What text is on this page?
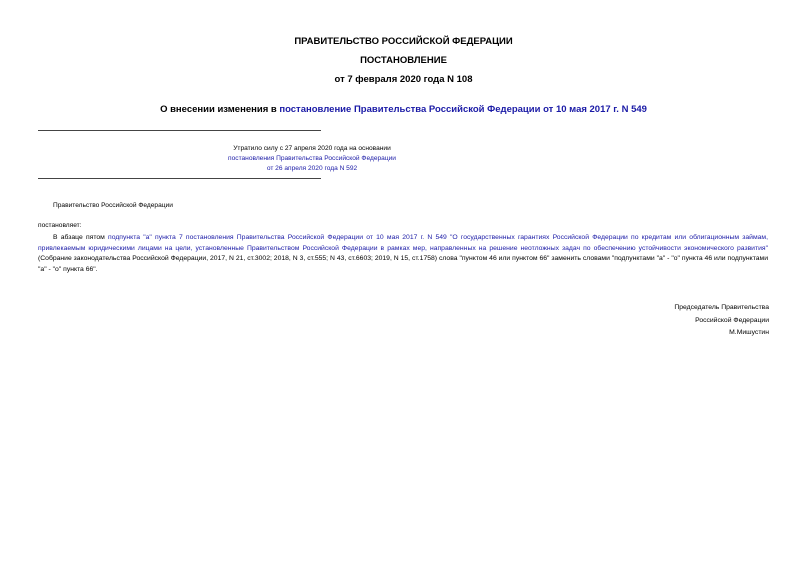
ПРАВИТЕЛЬСТВО РОССИЙСКОЙ ФЕДЕРАЦИИ
ПОСТАНОВЛЕНИЕ
от 7 февраля 2020 года N 108
О внесении изменения в постановление Правительства Российской Федерации от 10 мая 2017 г. N 549
Утратило силу с 27 апреля 2020 года на основании
постановления Правительства Российской Федерации
от 26 апреля 2020 года N 592
Правительство Российской Федерации
постановляет:
В абзаце пятом подпункта "а" пункта 7 постановления Правительства Российской Федерации от 10 мая 2017 г. N 549 "О государственных гарантиях Российской Федерации по кредитам или облигационным займам, привлекаемым юридическими лицами на цели, установленные Правительством Российской Федерации в рамках мер, направленных на решение неотложных задач по обеспечению устойчивости экономического развития" (Собрание законодательства Российской Федерации, 2017, N 21, ст.3002; 2018, N 3, ст.555; N 43, ст.6603; 2019, N 15, ст.1758) слова "пунктом 46 или пунктом 66" заменить словами "подпунктами "а" - "о" пункта 46 или подпунктами "а" - "о" пункта 66".
Председатель Правительства
Российской Федерации
М.Мишустин
